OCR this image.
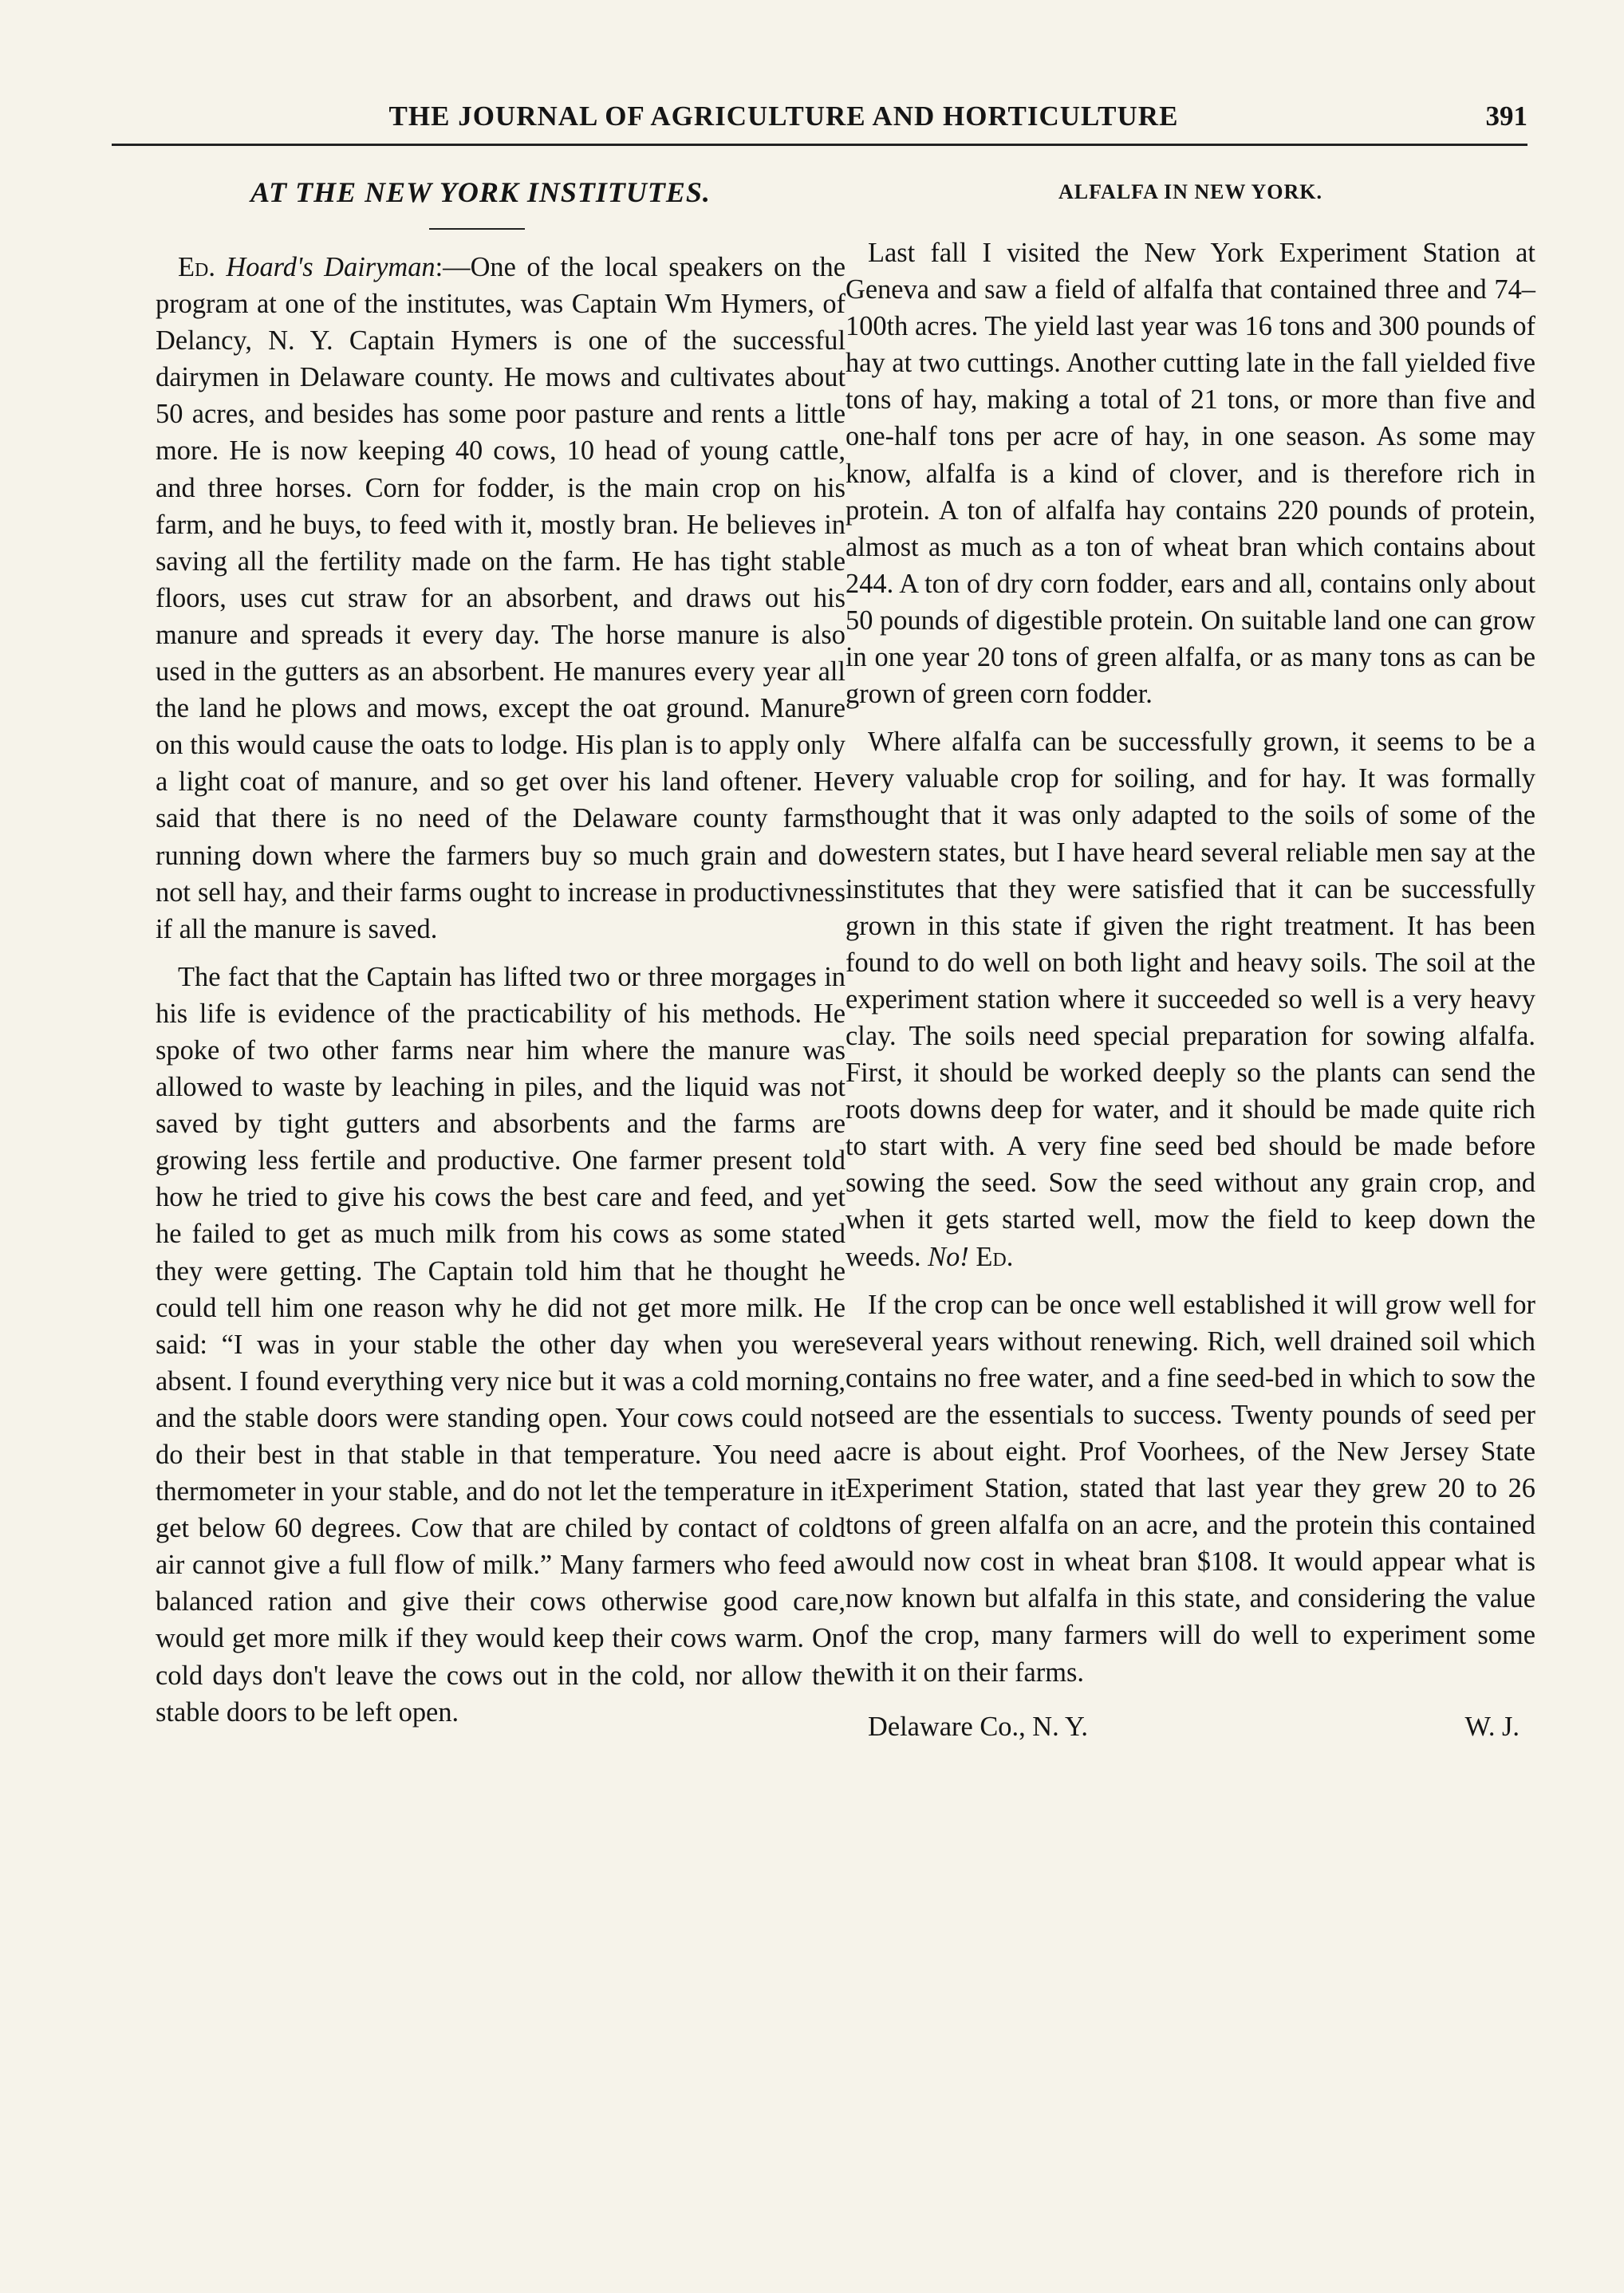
THE JOURNAL OF AGRICULTURE AND HORTICULTURE	391
AT THE NEW YORK INSTITUTES.

Ed. Hoard's Dairyman:—One of the local speakers on the program at one of the institutes, was Captain Wm Hymers, of Delancy, N. Y. Captain Hymers is one of the successful dairymen in Delaware county. He mows and cultivates about 50 acres, and besides has some poor pasture and rents a little more. He is now keeping 40 cows, 10 head of young cattle, and three horses. Corn for fodder, is the main crop on his farm, and he buys, to feed with it, mostly bran. He believes in saving all the fertility made on the farm. He has tight stable floors, uses cut straw for an absorbent, and draws out his manure and spreads it every day. The horse manure is also used in the gutters as an absorbent. He manures every year all the land he plows and mows, except the oat ground. Manure on this would cause the oats to lodge. His plan is to apply only a light coat of manure, and so get over his land oftener. He said that there is no need of the Delaware county farms running down where the farmers buy so much grain and do not sell hay, and their farms ought to increase in productivness if all the manure is saved.

The fact that the Captain has lifted two or three morgages in his life is evidence of the practicability of his methods. He spoke of two other farms near him where the manure was allowed to waste by leaching in piles, and the liquid was not saved by tight gutters and absorbents and the farms are growing less fertile and productive. One farmer present told how he tried to give his cows the best care and feed, and yet he failed to get as much milk from his cows as some stated they were getting. The Captain told him that he thought he could tell him one reason why he did not get more milk. He said: “I was in your stable the other day when you were absent. I found everything very nice but it was a cold morning, and the stable doors were standing open. Your cows could not do their best in that stable in that temperature. You need a thermometer in your stable, and do not let the temperature in it get below 60 degrees. Cow that are chiled by contact of cold air cannot give a full flow of milk.” Many farmers who feed a balanced ration and give their cows otherwise good care, would get more milk if they would keep their cows warm. On cold days don't leave the cows out in the cold, nor allow the stable doors to be left open.

ALFALFA IN NEW YORK.

Last fall I visited the New York Experiment Station at Geneva and saw a field of alfalfa that contained three and 74–100th acres. The yield last year was 16 tons and 300 pounds of hay at two cuttings. Another cutting late in the fall yielded five tons of hay, making a total of 21 tons, or more than five and one-half tons per acre of hay, in one season. As some may know, alfalfa is a kind of clover, and is therefore rich in protein. A ton of alfalfa hay contains 220 pounds of protein, almost as much as a ton of wheat bran which contains about 244. A ton of dry corn fodder, ears and all, contains only about 50 pounds of digestible protein. On suitable land one can grow in one year 20 tons of green alfalfa, or as many tons as can be grown of green corn fodder.

Where alfalfa can be successfully grown, it seems to be a very valuable crop for soiling, and for hay. It was formally thought that it was only adapted to the soils of some of the western states, but I have heard several reliable men say at the institutes that they were satisfied that it can be successfully grown in this state if given the right treatment. It has been found to do well on both light and heavy soils. The soil at the experiment station where it succeeded so well is a very heavy clay. The soils need special preparation for sowing alfalfa. First, it should be worked deeply so the plants can send the roots downs deep for water, and it should be made quite rich to start with. A very fine seed bed should be made before sowing the seed. Sow the seed without any grain crop, and when it gets started well, mow the field to keep down the weeds. No! Ed.

If the crop can be once well established it will grow well for several years without renewing. Rich, well drained soil which contains no free water, and a fine seed-bed in which to sow the seed are the essentials to success. Twenty pounds of seed per acre is about eight. Prof Voorhees, of the New Jersey State Experiment Station, stated that last year they grew 20 to 26 tons of green alfalfa on an acre, and the protein this contained would now cost in wheat bran $108. It would appear what is now known but alfalfa in this state, and considering the value of the crop, many farmers will do well to experiment some with it on their farms.

Delaware Co., N. Y.	W. J.
